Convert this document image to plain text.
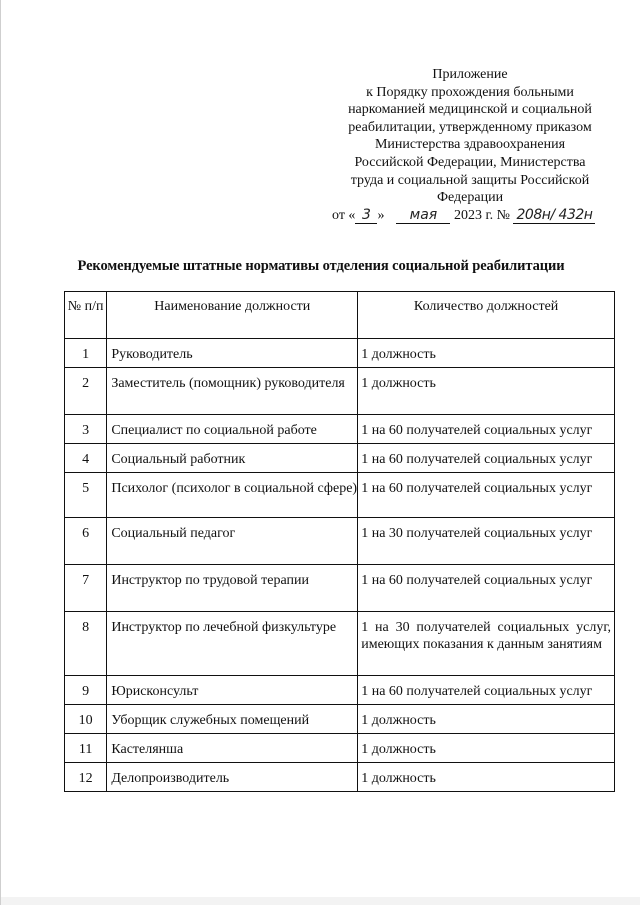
Приложение
к Порядку прохождения больными
наркоманией медицинской и социальной
реабилитации, утвержденному приказом
Министерства здравоохранения
Российской Федерации, Министерства
труда и социальной защиты Российской
Федерации
от « 3 » мая 2023 г. № 208н/ 432н
Рекомендуемые штатные нормативы отделения социальной реабилитации
№ п/п	Наименование должности	Количество должностей
1	Руководитель	1 должность
2	Заместитель (помощник) руководителя	1 должность
3	Специалист по социальной работе	1 на 60 получателей социальных услуг
4	Социальный работник	1 на 60 получателей социальных услуг
5	Психолог (психолог в социальной сфере)	1 на 60 получателей социальных услуг
6	Социальный педагог	1 на 30 получателей социальных услуг
7	Инструктор по трудовой терапии	1 на 60 получателей социальных услуг
8	Инструктор по лечебной физкультуре	1 на 30 получателей социальных услуг, имеющих показания к данным занятиям
9	Юрисконсульт	1 на 60 получателей социальных услуг
10	Уборщик служебных помещений	1 должность
11	Кастелянша	1 должность
12	Делопроизводитель	1 должность
